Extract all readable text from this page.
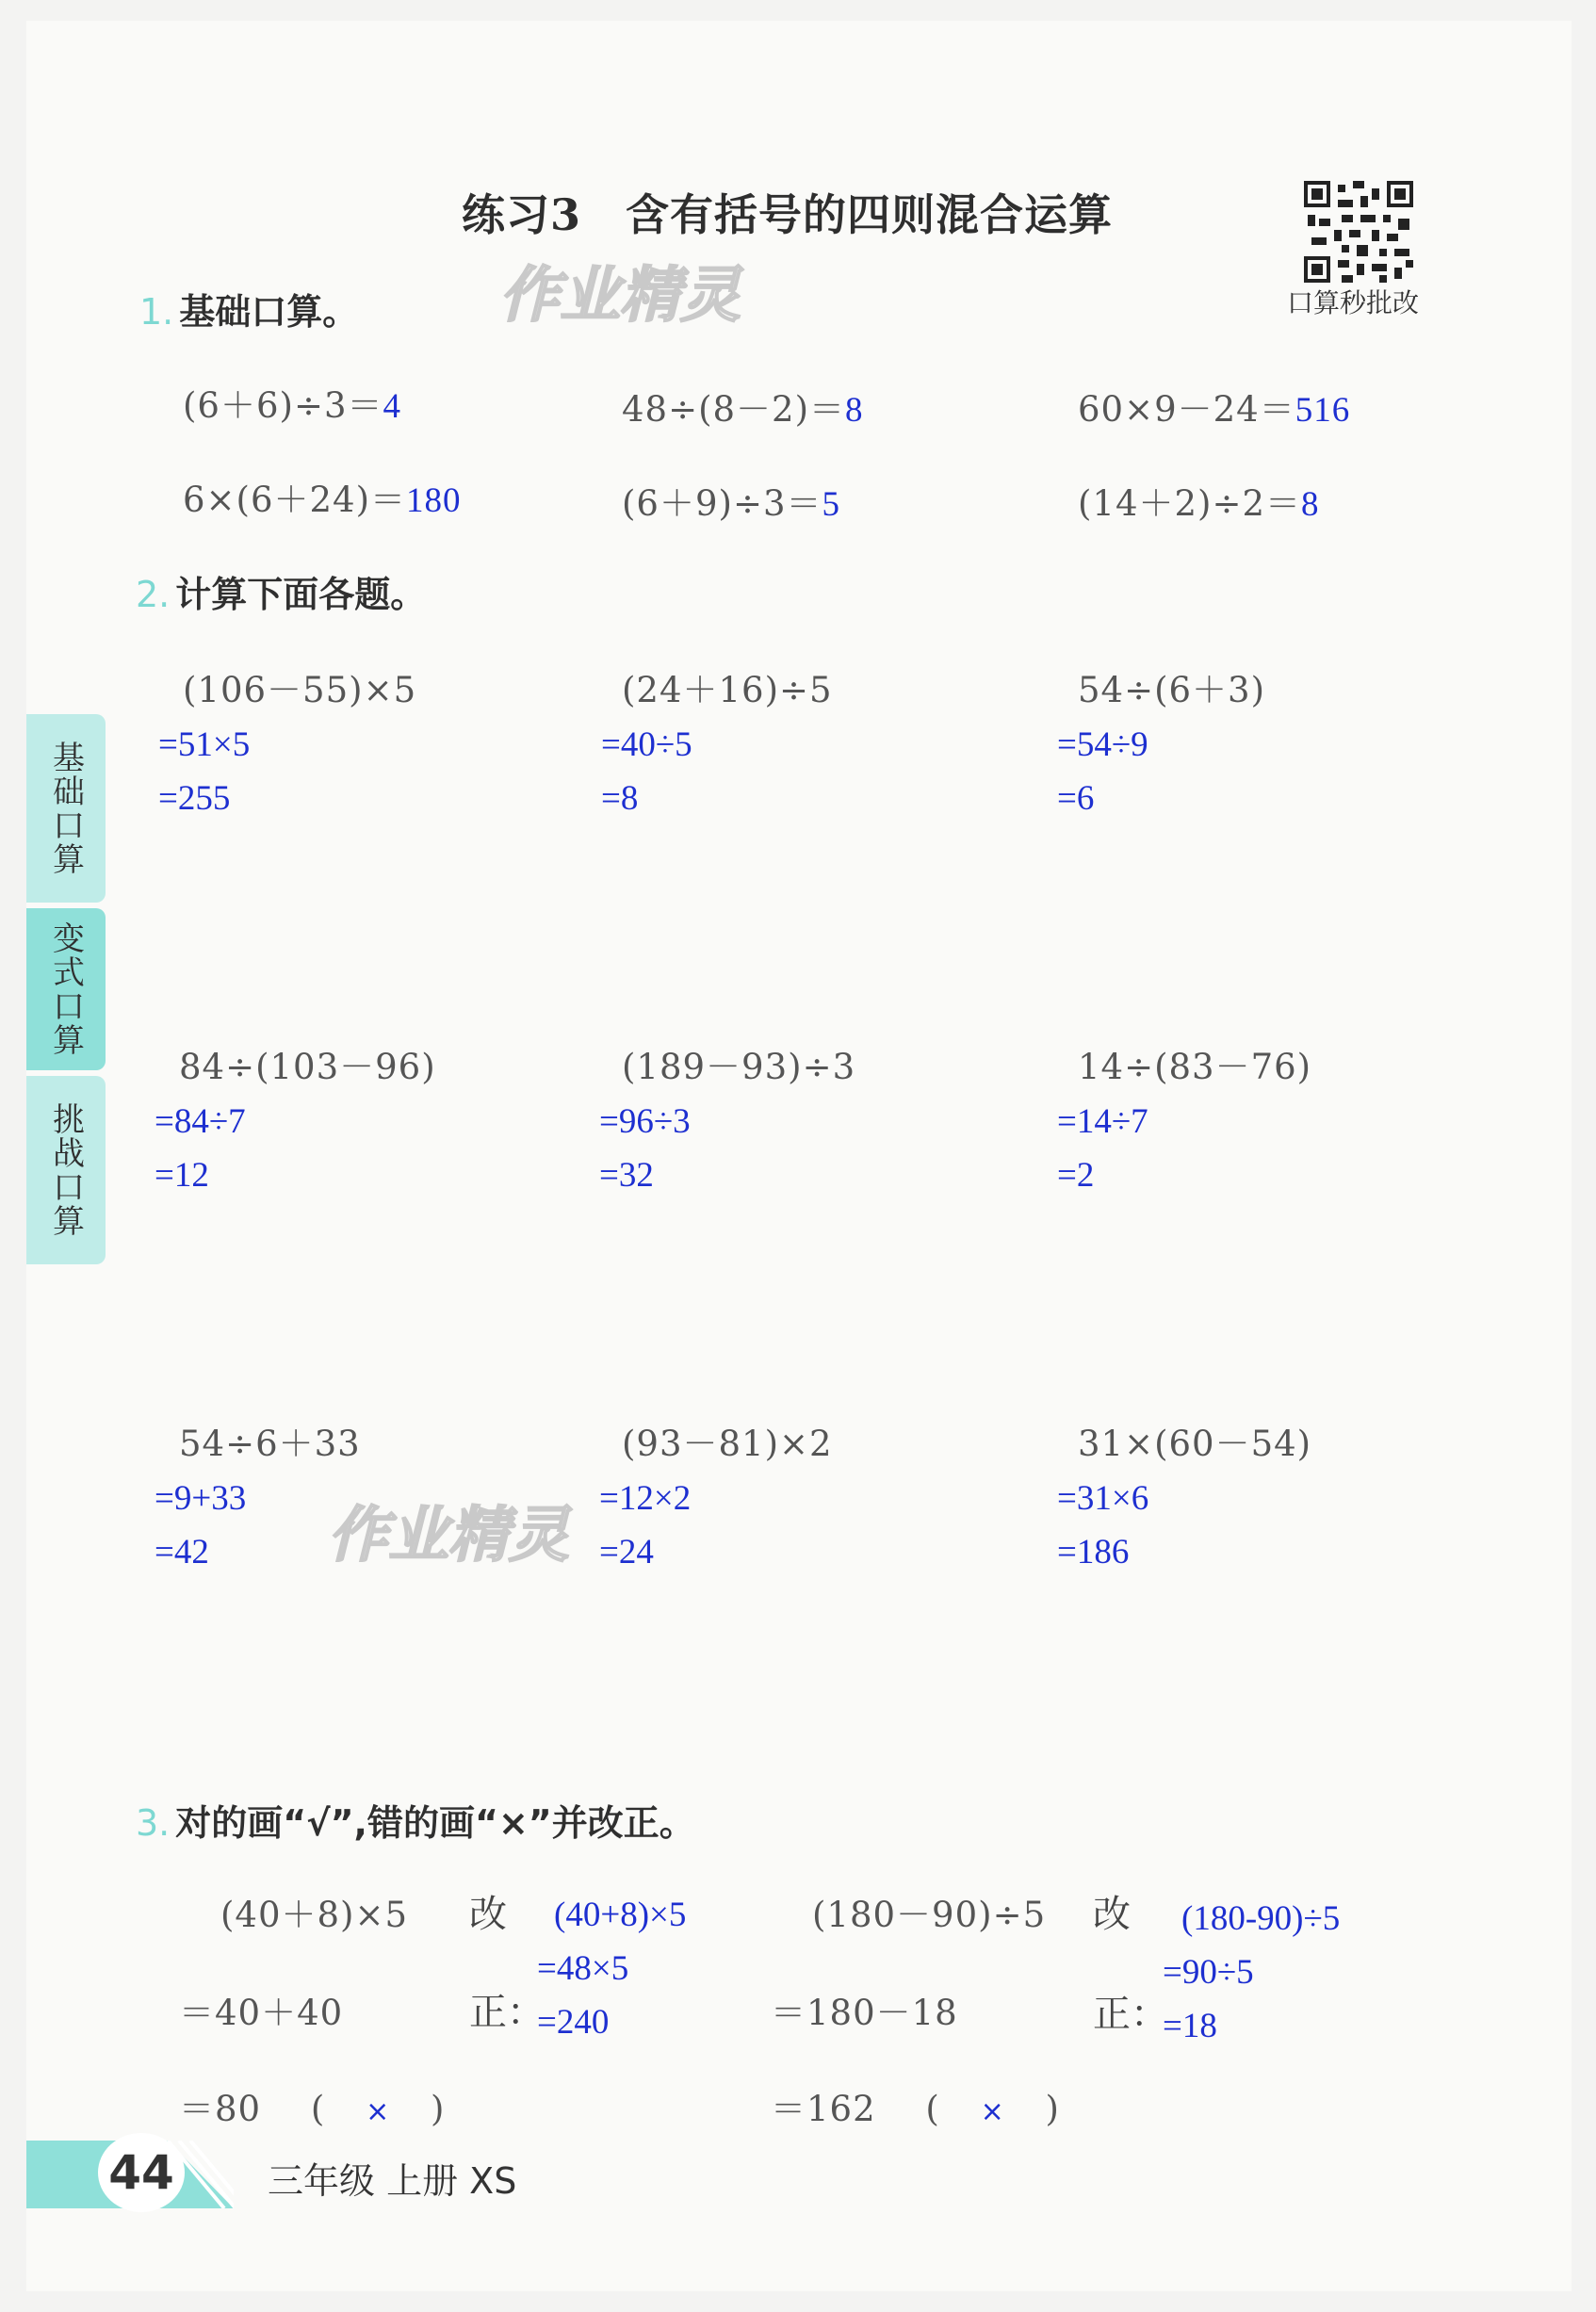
练习3　含有括号的四则混合运算
口算秒批改
作业精灵
作业精灵
1. 基础口算。
(6＋6)÷3＝4	48÷(8－2)＝8	60×9－24＝516
6×(6＋24)＝180	(6＋9)÷3＝5	(14＋2)÷2＝8
2. 计算下面各题。
(106－55)×5
=51×5
=255
(24＋16)÷5
=40÷5
=8
54÷(6＋3)
=54÷9
=6
84÷(103－96)
=84÷7
=12
(189－93)÷3
=96÷3
=32
14÷(83－76)
=14÷7
=2
54÷6＋33
=9+33
=42
(93－81)×2
=12×2
=24
31×(60－54)
=31×6
=186
3. 对的画“√”,错的画“×”并改正。
(40＋8)×5
＝40＋40
＝80 ( × )
改
正：
(40+8)×5
=48×5
=240
(180－90)÷5
＝180－18
＝162 ( × )
改
正：
(180-90)÷5
=90÷5
=18
基础口算
变式口算
挑战口算
44	三年级 上册 XS
